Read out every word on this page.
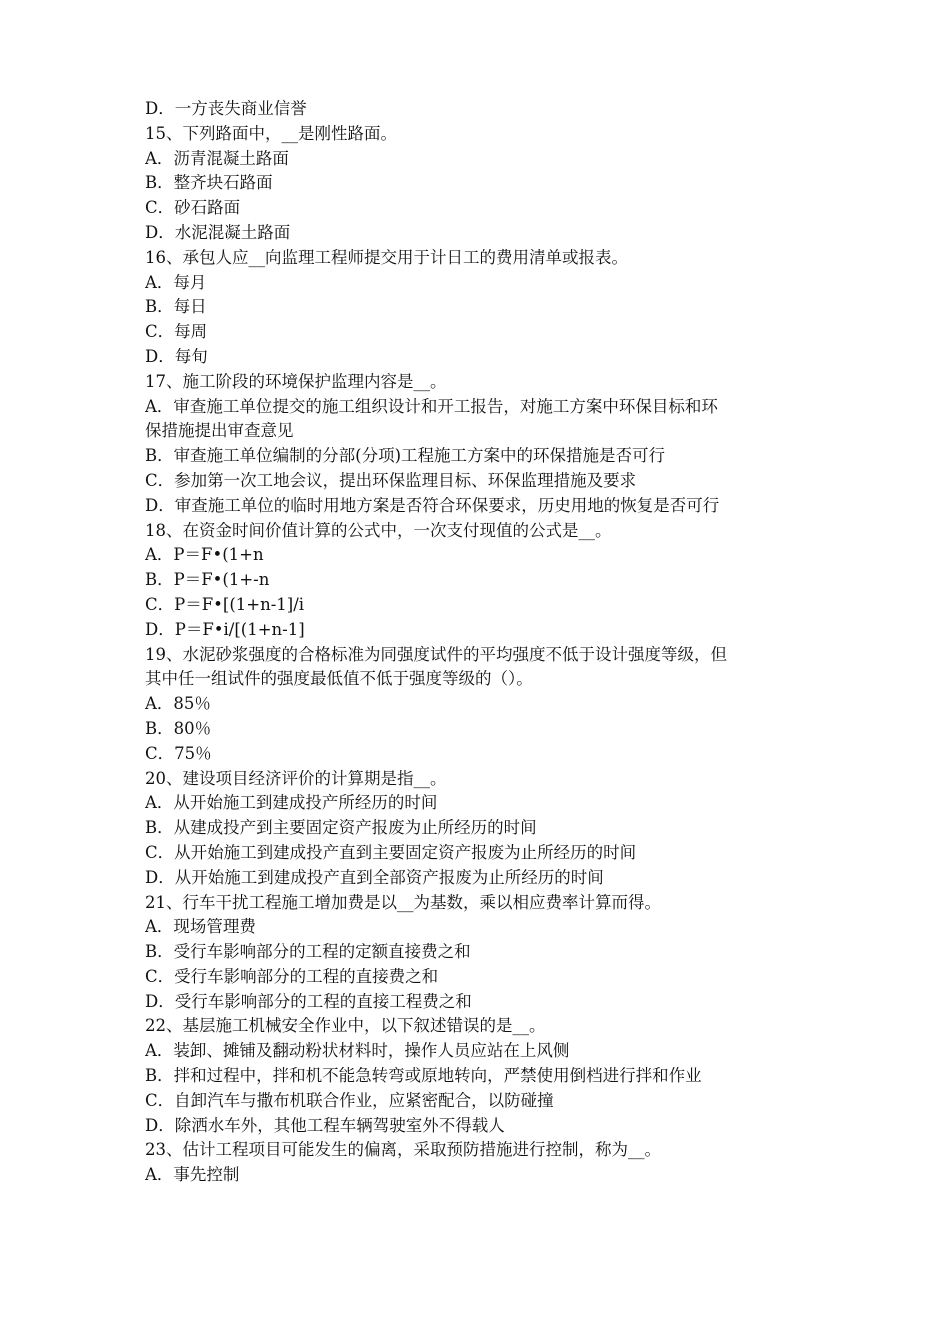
D．一方丧失商业信誉
15、下列路面中，__是刚性路面。
A．沥青混凝土路面
B．整齐块石路面
C．砂石路面
D．水泥混凝土路面
16、承包人应__向监理工程师提交用于计日工的费用清单或报表。
A．每月
B．每日
C．每周
D．每旬
17、施工阶段的环境保护监理内容是__。
A．审查施工单位提交的施工组织设计和开工报告，对施工方案中环保目标和环
保措施提出审查意见
B．审查施工单位编制的分部(分项)工程施工方案中的环保措施是否可行
C．参加第一次工地会议，提出环保监理目标、环保监理措施及要求
D．审查施工单位的临时用地方案是否符合环保要求，历史用地的恢复是否可行
18、在资金时间价值计算的公式中，一次支付现值的公式是__。
A．P＝F•(1+n
B．P＝F•(1+-n
C．P＝F•[(1+n-1]/i
D．P＝F•i/[(1+n-1]
19、水泥砂浆强度的合格标准为同强度试件的平均强度不低于设计强度等级，但
其中任一组试件的强度最低值不低于强度等级的（）。
A．85％
B．80％
C．75％
20、建设项目经济评价的计算期是指__。
A．从开始施工到建成投产所经历的时间
B．从建成投产到主要固定资产报废为止所经历的时间
C．从开始施工到建成投产直到主要固定资产报废为止所经历的时间
D．从开始施工到建成投产直到全部资产报废为止所经历的时间
21、行车干扰工程施工增加费是以__为基数，乘以相应费率计算而得。
A．现场管理费
B．受行车影响部分的工程的定额直接费之和
C．受行车影响部分的工程的直接费之和
D．受行车影响部分的工程的直接工程费之和
22、基层施工机械安全作业中，以下叙述错误的是__。
A．装卸、摊铺及翻动粉状材料时，操作人员应站在上风侧
B．拌和过程中，拌和机不能急转弯或原地转向，严禁使用倒档进行拌和作业
C．自卸汽车与撒布机联合作业，应紧密配合，以防碰撞
D．除洒水车外，其他工程车辆驾驶室外不得载人
23、估计工程项目可能发生的偏离，采取预防措施进行控制，称为__。
A．事先控制
